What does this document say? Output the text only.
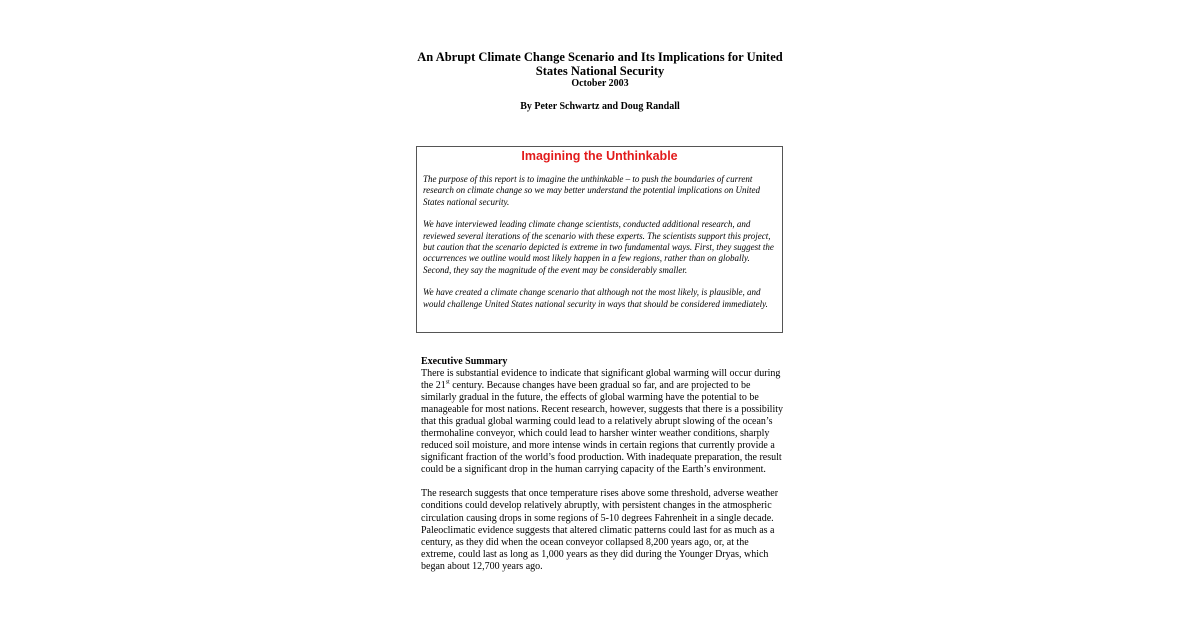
An Abrupt Climate Change Scenario and Its Implications for United States National Security
October 2003
By Peter Schwartz and Doug Randall
Imagining the Unthinkable

The purpose of this report is to imagine the unthinkable – to push the boundaries of current research on climate change so we may better understand the potential implications on United States national security.

We have interviewed leading climate change scientists, conducted additional research, and reviewed several iterations of the scenario with these experts. The scientists support this project, but caution that the scenario depicted is extreme in two fundamental ways. First, they suggest the occurrences we outline would most likely happen in a few regions, rather than on globally. Second, they say the magnitude of the event may be considerably smaller.

We have created a climate change scenario that although not the most likely, is plausible, and would challenge United States national security in ways that should be considered immediately.

Executive Summary

There is substantial evidence to indicate that significant global warming will occur during the 21st century. Because changes have been gradual so far, and are projected to be similarly gradual in the future, the effects of global warming have the potential to be manageable for most nations. Recent research, however, suggests that there is a possibility that this gradual global warming could lead to a relatively abrupt slowing of the ocean’s thermohaline conveyor, which could lead to harsher winter weather conditions, sharply reduced soil moisture, and more intense winds in certain regions that currently provide a significant fraction of the world’s food production. With inadequate preparation, the result could be a significant drop in the human carrying capacity of the Earth’s environment.

The research suggests that once temperature rises above some threshold, adverse weather conditions could develop relatively abruptly, with persistent changes in the atmospheric circulation causing drops in some regions of 5-10 degrees Fahrenheit in a single decade. Paleoclimatic evidence suggests that altered climatic patterns could last for as much as a century, as they did when the ocean conveyor collapsed 8,200 years ago, or, at the extreme, could last as long as 1,000 years as they did during the Younger Dryas, which began about 12,700 years ago.
